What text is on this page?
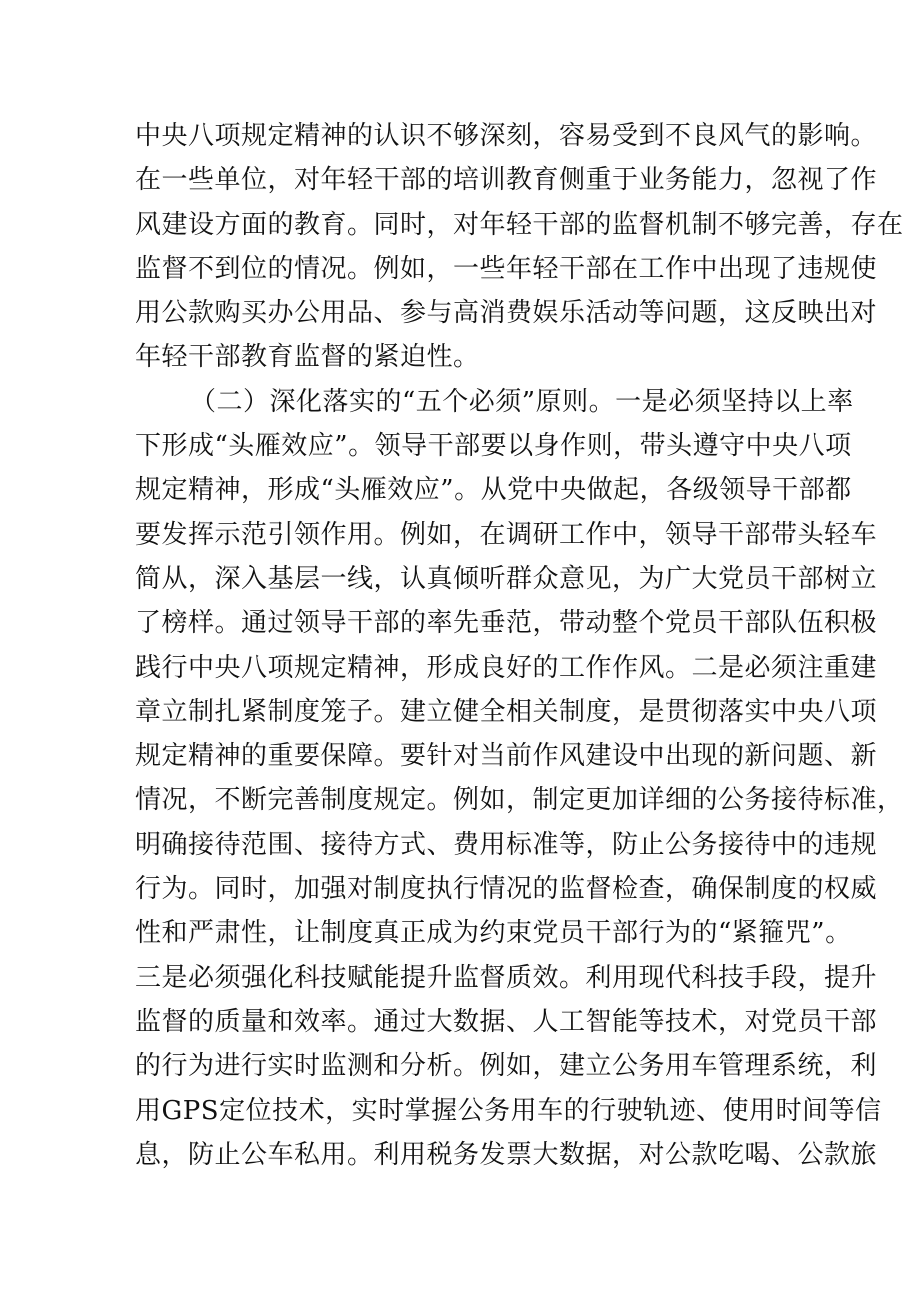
中央八项规定精神的认识不够深刻，容易受到不良风气的影响。
在一些单位，对年轻干部的培训教育侧重于业务能力，忽视了作
风建设方面的教育。同时，对年轻干部的监督机制不够完善，存在
监督不到位的情况。例如，一些年轻干部在工作中出现了违规使
用公款购买办公用品、参与高消费娱乐活动等问题，这反映出对
年轻干部教育监督的紧迫性。
（二）深化落实的“五个必须”原则。一是必须坚持以上率
下形成“头雁效应”。领导干部要以身作则，带头遵守中央八项
规定精神，形成“头雁效应”。从党中央做起，各级领导干部都
要发挥示范引领作用。例如，在调研工作中，领导干部带头轻车
简从，深入基层一线，认真倾听群众意见，为广大党员干部树立
了榜样。通过领导干部的率先垂范，带动整个党员干部队伍积极
践行中央八项规定精神，形成良好的工作作风。二是必须注重建
章立制扎紧制度笼子。建立健全相关制度，是贯彻落实中央八项
规定精神的重要保障。要针对当前作风建设中出现的新问题、新
情况，不断完善制度规定。例如，制定更加详细的公务接待标准，
明确接待范围、接待方式、费用标准等，防止公务接待中的违规
行为。同时，加强对制度执行情况的监督检查，确保制度的权威
性和严肃性，让制度真正成为约束党员干部行为的“紧箍咒”。
三是必须强化科技赋能提升监督质效。利用现代科技手段，提升
监督的质量和效率。通过大数据、人工智能等技术，对党员干部
的行为进行实时监测和分析。例如，建立公务用车管理系统，利
用GPS定位技术，实时掌握公务用车的行驶轨迹、使用时间等信
息，防止公车私用。利用税务发票大数据，对公款吃喝、公款旅
